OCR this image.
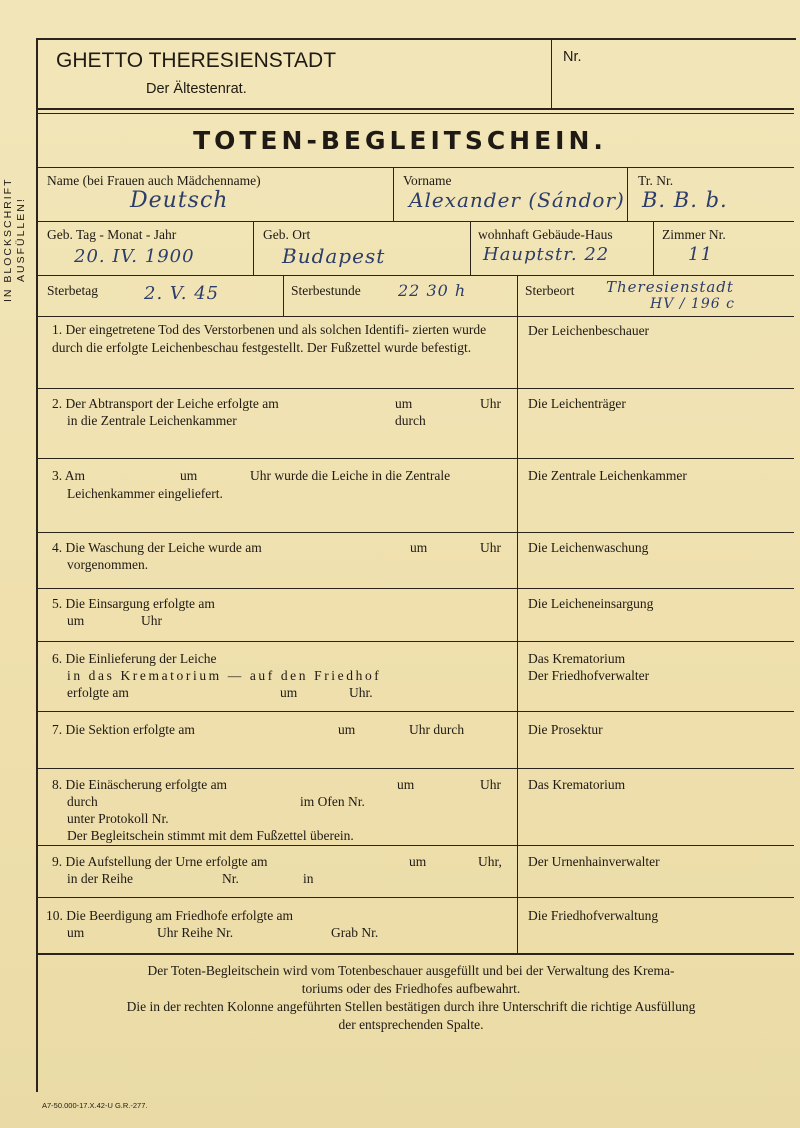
IN BLOCKSCHRIFT AUSFÜLLEN!
GHETTO THERESIENSTADT
Der Ältestenrat.
Nr.
TOTEN-BEGLEITSCHEIN.
Name (bei Frauen auch Mädchenname)
Deutsch
Vorname
Alexander (Sándor)
Tr. Nr.
B. B. b.
Geb. Tag - Monat - Jahr
20. IV. 1900
Geb. Ort
Budapest
wohnhaft Gebäude-Haus
Hauptstr. 22
Zimmer Nr.
11
Sterbetag	2. V. 45	Sterbestunde 22 30 h	Sterbeort Theresienstadt
HV / 196 c
1. Der eingetretene Tod des Verstorbenen und als solchen Identifi- zierten wurde durch die erfolgte Leichenbeschau festgestellt. Der Fußzettel wurde befestigt.
Der Leichenbeschauer
2. Der Abtransport der Leiche erfolgte am	um	Uhr
in die Zentrale Leichenkammer	durch
Die Leichenträger
3. Am	um	Uhr wurde die Leiche in die Zentrale
Leichenkammer eingeliefert.
Die Zentrale Leichenkammer
4. Die Waschung der Leiche wurde am	um	Uhr
vorgenommen.
Die Leichenwaschung
5. Die Einsargung erfolgte am
um	Uhr
Die Leicheneinsargung
6. Die Einlieferung der Leiche
in das Krematorium — auf den Friedhof
erfolgte am	um	Uhr.
Das Krematorium
Der Friedhofverwalter
7. Die Sektion erfolgte am	um	Uhr durch	Die Prosektur
8. Die Einäscherung erfolgte am	um	Uhr
durch	im Ofen Nr.
unter Protokoll Nr.
Der Begleitschein stimmt mit dem Fußzettel überein.
Das Krematorium
9. Die Aufstellung der Urne erfolgte am	um	Uhr,
in der Reihe	Nr.	in
Der Urnenhainverwalter
10. Die Beerdigung am Friedhofe erfolgte am
um	Uhr Reihe Nr.	Grab Nr.
Die Friedhofverwaltung
Der Toten-Begleitschein wird vom Totenbeschauer ausgefüllt und bei der Verwaltung des Krema-
toriums oder des Friedhofes aufbewahrt.
Die in der rechten Kolonne angeführten Stellen bestätigen durch ihre Unterschrift die richtige Ausfüllung
der entsprechenden Spalte.
A7-50.000-17.X.42-U G.R.-277.
